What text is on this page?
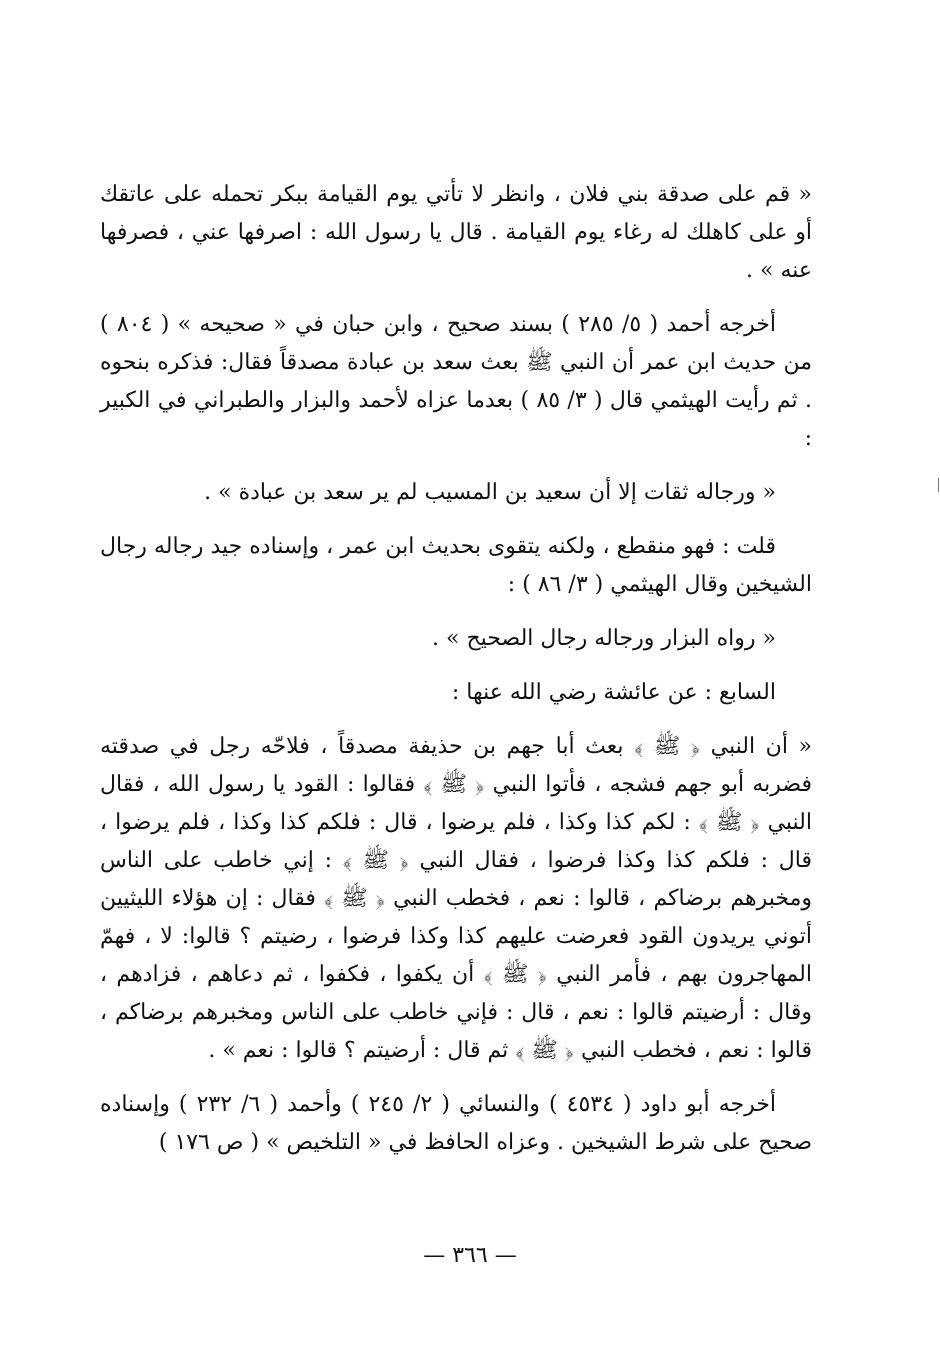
« قم على صدقة بني فلان ، وانظر لا تأتي يوم القيامة ببكر تحمله على عاتقك أو على كاهلك له رغاء يوم القيامة . قال يا رسول الله : اصرفها عني ، فصرفها عنه » .

أخرجه أحمد ( ٥/ ٢٨٥ ) بسند صحيح ، وابن حبان في « صحيحه » ( ٨٠٤ ) من حديث ابن عمر أن النبي ﷺ بعث سعد بن عبادة مصدقاً فقال: فذكره بنحوه . ثم رأيت الهيثمي قال ( ٣/ ٨٥ ) بعدما عزاه لأحمد والبزار والطبراني في الكبير :

« ورجاله ثقات إلا أن سعيد بن المسيب لم ير سعد بن عبادة » .

قلت : فهو منقطع ، ولكنه يتقوى بحديث ابن عمر ، وإسناده جيد رجاله رجال الشيخين وقال الهيثمي ( ٣/ ٨٦ ) :

« رواه البزار ورجاله رجال الصحيح » .

السابع : عن عائشة رضي الله عنها :

« أن النبي ﴿ ﷺ ﴾ بعث أبا جهم بن حذيفة مصدقاً ، فلاحّه رجل في صدقته فضربه أبو جهم فشجه ، فأتوا النبي ﴿ ﷺ ﴾ فقالوا : القود يا رسول الله ، فقال النبي ﴿ ﷺ ﴾ : لكم كذا وكذا ، فلم يرضوا ، قال : فلكم كذا وكذا ، فلم يرضوا ، قال : فلكم كذا وكذا فرضوا ، فقال النبي ﴿ ﷺ ﴾ : إني خاطب على الناس ومخبرهم برضاكم ، قالوا : نعم ، فخطب النبي ﴿ ﷺ ﴾ فقال : إن هؤلاء الليثيين أتوني يريدون القود فعرضت عليهم كذا وكذا فرضوا ، رضيتم ؟ قالوا: لا ، فهمّ المهاجرون بهم ، فأمر النبي ﴿ ﷺ ﴾ أن يكفوا ، فكفوا ، ثم دعاهم ، فزادهم ، وقال : أرضيتم قالوا : نعم ، قال : فإني خاطب على الناس ومخبرهم برضاكم ، قالوا : نعم ، فخطب النبي ﴿ ﷺ ﴾ ثم قال : أرضيتم ؟ قالوا : نعم » .

أخرجه أبو داود ( ٤٥٣٤ ) والنسائي ( ٢/ ٢٤٥ ) وأحمد ( ٦/ ٢٣٢ ) وإسناده صحيح على شرط الشيخين . وعزاه الحافظ في « التلخيص » ( ص ١٧٦ )

— ٣٦٦ —
